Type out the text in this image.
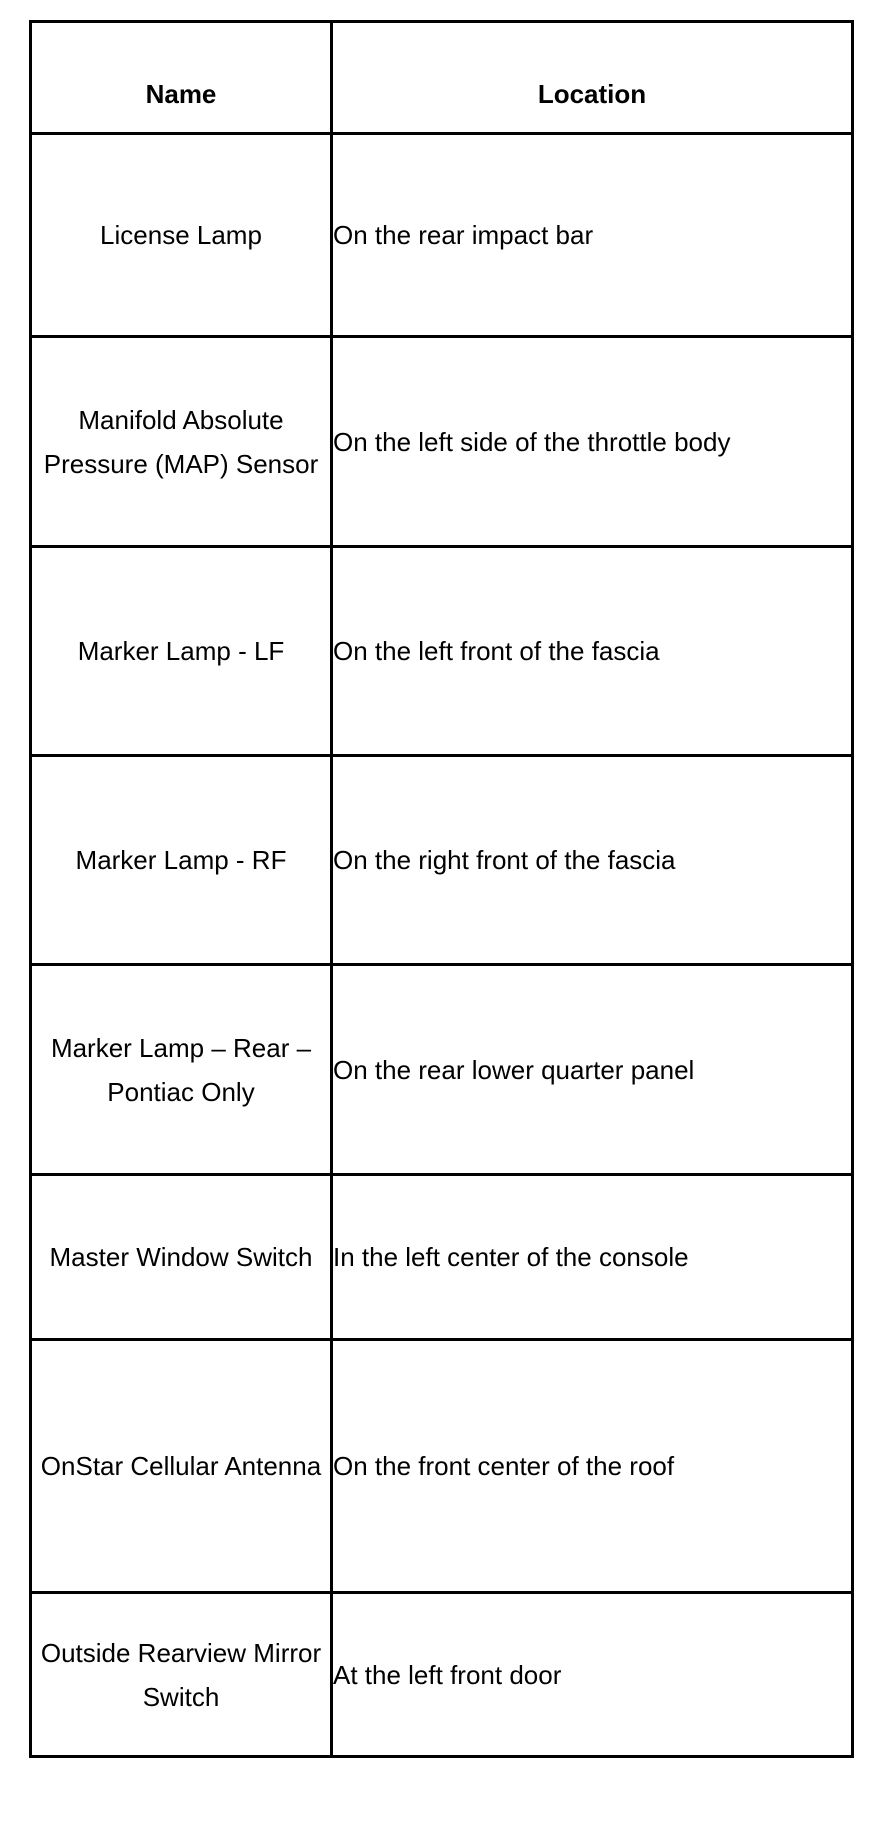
Name	Location
License Lamp	On the rear impact bar
Manifold Absolute Pressure (MAP) Sensor	On the left side of the throttle body
Marker Lamp - LF	On the left front of the fascia
Marker Lamp - RF	On the right front of the fascia
Marker Lamp – Rear – Pontiac Only	On the rear lower quarter panel
Master Window Switch	In the left center of the console
OnStar Cellular Antenna	On the front center of the roof
Outside Rearview Mirror Switch	At the left front door
